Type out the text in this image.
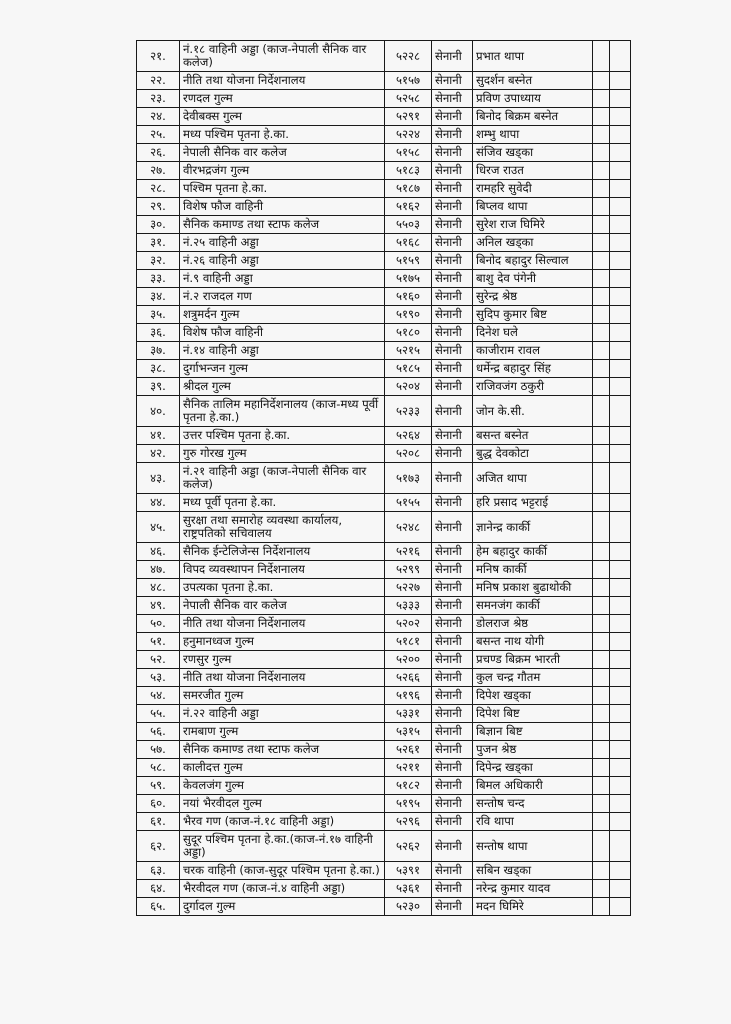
२१.	नं.१८ वाहिनी अड्डा (काज-नेपाली सैनिक वार कलेज)	५२२८	सेनानी	प्रभात थापा		
२२.	नीति तथा योजना निर्देशनालय	५१५७	सेनानी	सुदर्शन बस्नेत		
२३.	रणदल गुल्म	५२५८	सेनानी	प्रविण उपाध्याय		
२४.	देवीबक्स गुल्म	५२९१	सेनानी	बिनोद बिक्रम बस्नेत		
२५.	मध्य पश्चिम पृतना हे.का.	५२२४	सेनानी	शम्भु थापा		
२६.	नेपाली सैनिक वार कलेज	५१५८	सेनानी	संजिव खड्का		
२७.	वीरभद्रजंग गुल्म	५१८३	सेनानी	धिरज राउत		
२८.	पश्चिम पृतना हे.का.	५१८७	सेनानी	रामहरि सुवेदी		
२९.	विशेष फौज वाहिनी	५१६२	सेनानी	बिप्लव थापा		
३०.	सैनिक कमाण्ड तथा स्टाफ कलेज	५५०३	सेनानी	सुरेश राज घिमिरे		
३१.	नं.२५ वाहिनी अड्डा	५१६८	सेनानी	अनिल खड्का		
३२.	नं.२६ वाहिनी अड्डा	५१५९	सेनानी	बिनोद बहादुर सिल्वाल		
३३.	नं.९ वाहिनी अड्डा	५१७५	सेनानी	बाशु देव पंगेनी		
३४.	नं.२ राजदल गण	५१६०	सेनानी	सुरेन्द्र श्रेष्ठ		
३५.	शत्रुमर्दन गुल्म	५१९०	सेनानी	सुदिप कुमार बिष्ट		
३६.	विशेष फौज वाहिनी	५१८०	सेनानी	दिनेश घले		
३७.	नं.१४ वाहिनी अड्डा	५२१५	सेनानी	काजीराम रावल		
३८.	दुर्गाभन्जन गुल्म	५१८५	सेनानी	धर्मेन्द्र बहादुर सिंह		
३९.	श्रीदल गुल्म	५२०४	सेनानी	राजिवजंग ठकुरी		
४०.	सैनिक तालिम महानिर्देशनालय (काज-मध्य पूर्वी पृतना हे.का.)	५२३३	सेनानी	जोन के.सी.		
४१.	उत्तर पश्चिम पृतना हे.का.	५२६४	सेनानी	बसन्त बस्नेत		
४२.	गुरु गोरख गुल्म	५२०८	सेनानी	बुद्ध देवकोटा		
४३.	नं.२१ वाहिनी अड्डा (काज-नेपाली सैनिक वार कलेज)	५१७३	सेनानी	अजित थापा		
४४.	मध्य पूर्वी पृतना हे.का.	५१५५	सेनानी	हरि प्रसाद भट्टराई		
४५.	सुरक्षा तथा समारोह व्यवस्था कार्यालय, राष्ट्रपतिको सचिवालय	५२४८	सेनानी	ज्ञानेन्द्र कार्की		
४६.	सैनिक ईन्टेलिजेन्स निर्देशनालय	५२१६	सेनानी	हेम बहादुर कार्की		
४७.	विपद व्यवस्थापन निर्देशनालय	५२९९	सेनानी	मनिष कार्की		
४८.	उपत्यका पृतना हे.का.	५२२७	सेनानी	मनिष प्रकाश बुढाथोकी		
४९.	नेपाली सैनिक वार कलेज	५३३३	सेनानी	समनजंग कार्की		
५०.	नीति तथा योजना निर्देशनालय	५२०२	सेनानी	डोलराज श्रेष्ठ		
५१.	हनुमानध्वज गुल्म	५१८१	सेनानी	बसन्त नाथ योगी		
५२.	रणसुर गुल्म	५२००	सेनानी	प्रचण्ड बिक्रम भारती		
५३.	नीति तथा योजना निर्देशनालय	५२६६	सेनानी	कुल चन्द्र गौतम		
५४.	समरजीत गुल्म	५१९६	सेनानी	दिपेश खड्का		
५५.	नं.२२ वाहिनी अड्डा	५३३१	सेनानी	दिपेश बिष्ट		
५६.	रामबाण गुल्म	५३१५	सेनानी	बिज्ञान बिष्ट		
५७.	सैनिक कमाण्ड तथा स्टाफ कलेज	५२६१	सेनानी	पुजन श्रेष्ठ		
५८.	कालीदत्त गुल्म	५२११	सेनानी	दिपेन्द्र खड्का		
५९.	केवलजंग गुल्म	५१८२	सेनानी	बिमल अधिकारी		
६०.	नयां भैरवीदल गुल्म	५१९५	सेनानी	सन्तोष चन्द		
६१.	भैरव गण (काज-नं.१८ वाहिनी अड्डा)	५२९६	सेनानी	रवि थापा		
६२.	सुदूर पश्चिम पृतना हे.का.(काज-नं.१७ वाहिनी अड्डा)	५२६२	सेनानी	सन्तोष थापा		
६३.	चरक वाहिनी (काज-सुदूर पश्चिम पृतना हे.का.)	५३९१	सेनानी	सबिन खड्का		
६४.	भैरवीदल गण (काज-नं.४ वाहिनी अड्डा)	५३६१	सेनानी	नरेन्द्र कुमार यादव		
६५.	दुर्गादल गुल्म	५२३०	सेनानी	मदन घिमिरे		
